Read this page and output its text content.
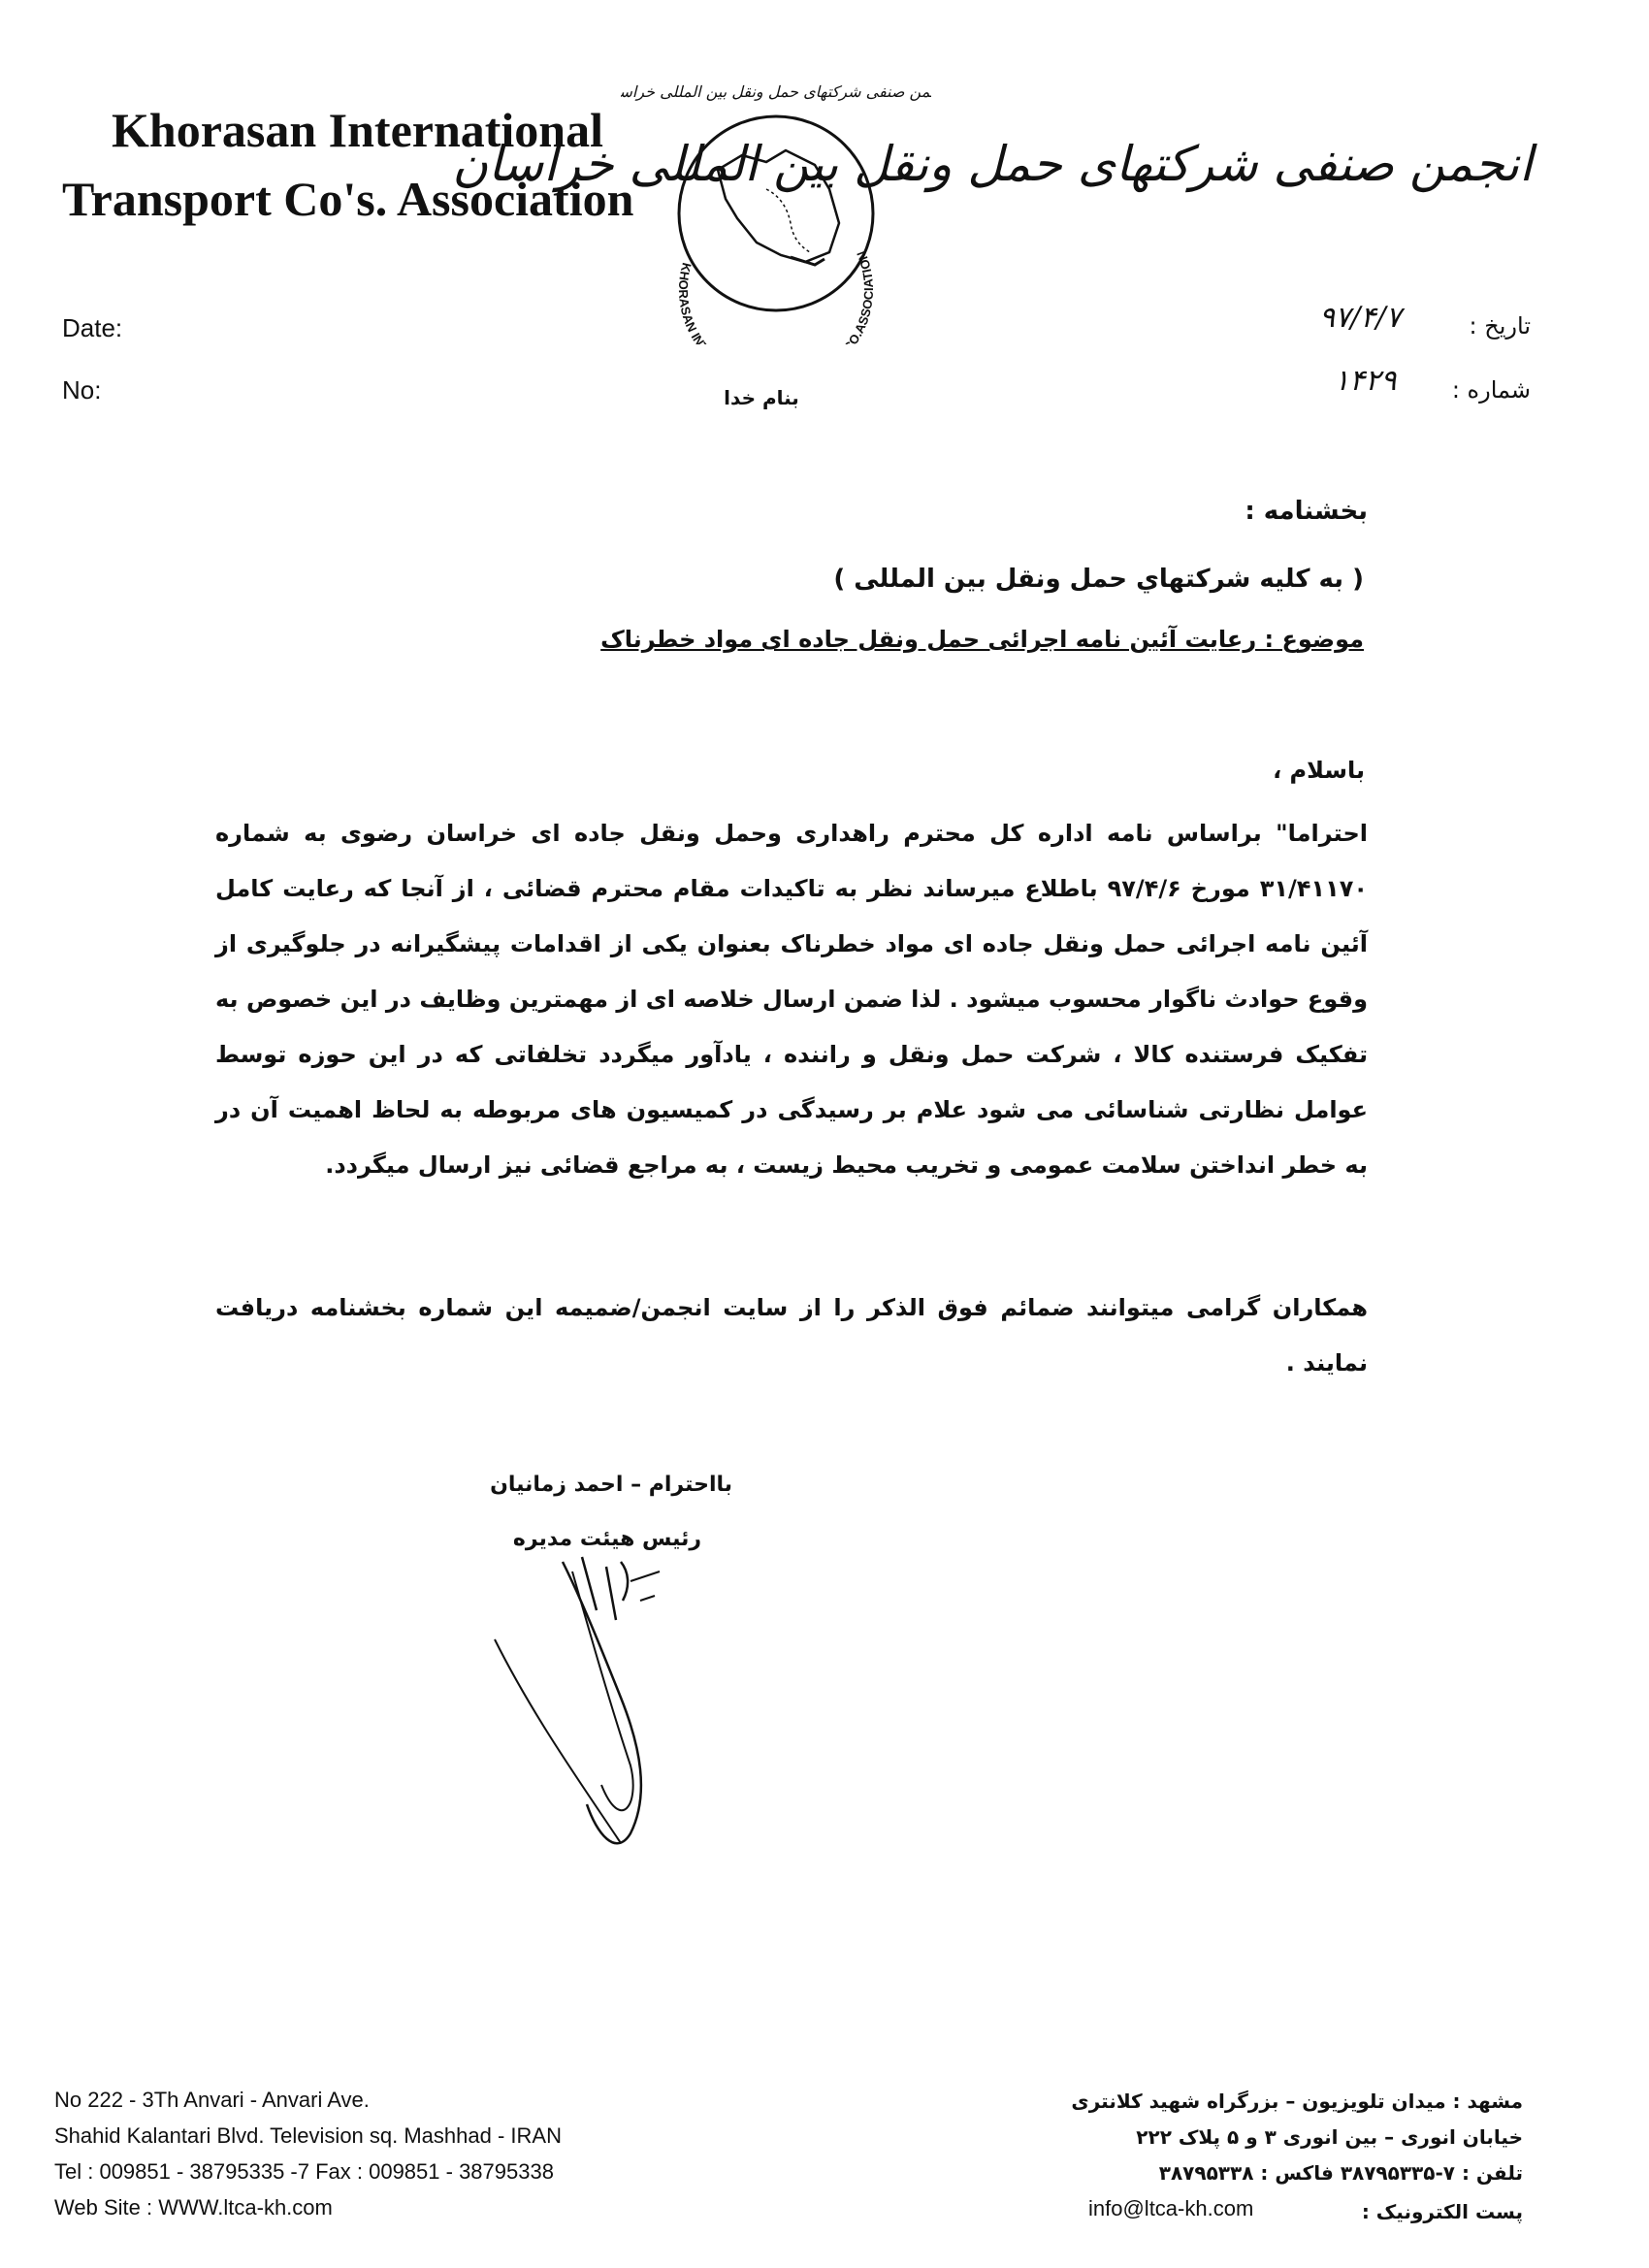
Khorasan International
Transport Co's. Association
KHORASAN IN O.ASSOCIATION
من صنفی شرکتهای حمل ونقل بین المللی خرا
انجمن صنفی شرکتهای حمل ونقل بین المللی خراسان
Date:
No:
تاریخ :
۹۷/۴/۷
شماره :
۱۴۲۹
بنام خدا
بخشنامه :
( به کلیه شرکتهاي حمل ونقل بین المللی )
موضوع : رعایت آئین نامه اجرائی حمل ونقل جاده ای مواد خطرناک
باسلام ،
احتراما" براساس نامه اداره کل محترم راهداری وحمل ونقل جاده ای خراسان رضوی به شماره ۳۱/۴۱۱۷۰ مورخ ۹۷/۴/۶ باطلاع میرساند نظر به تاکیدات مقام محترم قضائی ، از آنجا که رعایت کامل آئین نامه اجرائی حمل ونقل جاده ای مواد خطرناک بعنوان یکی از اقدامات پیشگیرانه در جلوگیری از وقوع حوادث ناگوار محسوب میشود . لذا ضمن ارسال خلاصه ای از مهمترین وظایف در این خصوص به تفکیک فرستنده کالا ، شرکت حمل ونقل و راننده ، یادآور میگردد تخلفاتی که در این حوزه توسط عوامل نظارتی شناسائی می شود علام بر رسیدگی در کمیسیون های مربوطه به لحاظ اهمیت آن در به خطر انداختن سلامت عمومی و تخریب محیط زیست ، به مراجع قضائی نیز ارسال میگردد.
همکاران گرامی میتوانند ضمائم فوق الذکر را از سایت انجمن/ضمیمه این شماره بخشنامه دریافت نمایند .
بااحترام – احمد زمانیان
رئیس هیئت مدیره
No 222 - 3Th Anvari - Anvari Ave.
Shahid Kalantari Blvd. Television sq. Mashhad - IRAN
Tel : 009851 - 38795335 -7 Fax : 009851 - 38795338
Web Site : WWW.ltca-kh.com
مشهد : میدان تلویزیون – بزرگراه شهید کلانتری
خیابان انوری – بین انوری ۳ و ۵ پلاک ۲۲۲
تلفن : ۷-۳۸۷۹۵۳۳۵ فاکس : ۳۸۷۹۵۳۳۸
پست الکترونیک :
info@ltca-kh.com
